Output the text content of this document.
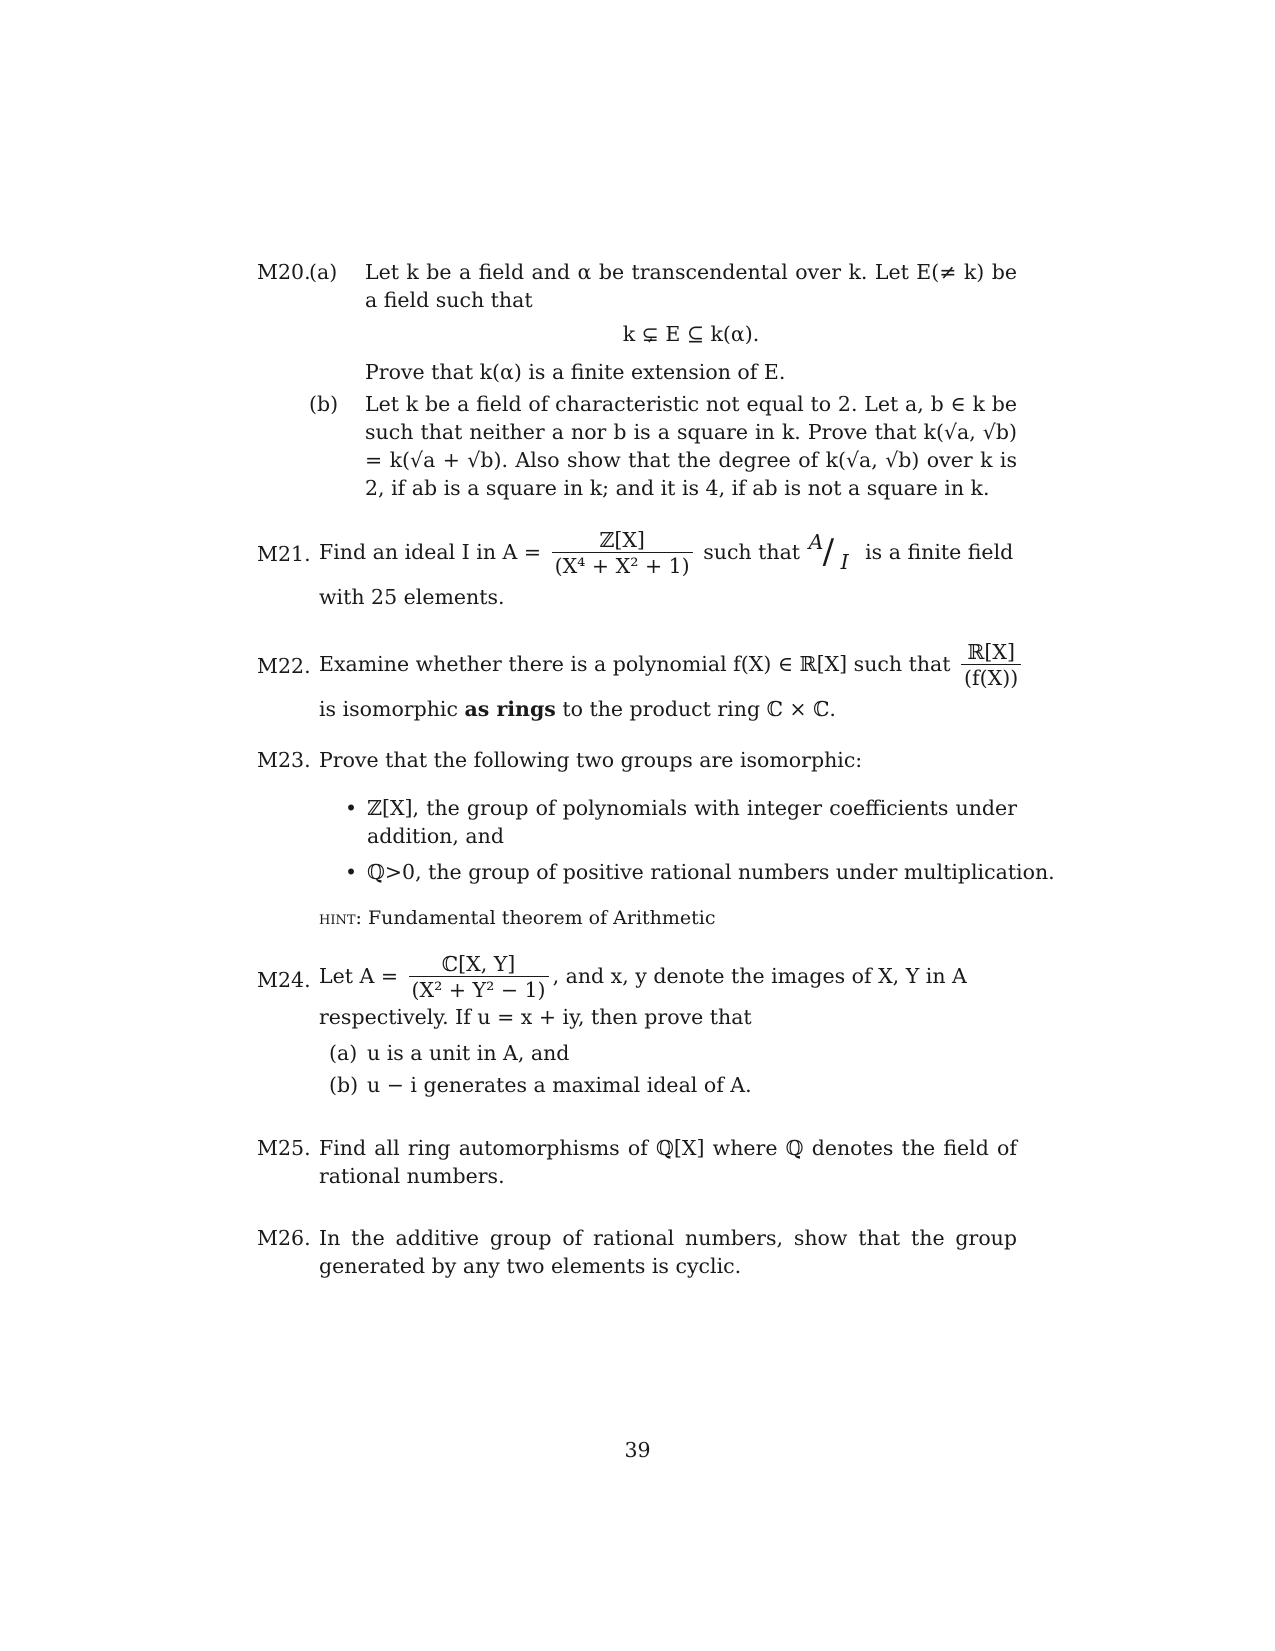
M20.
(a) Let k be a field and α be transcendental over k. Let E(≠ k) be a field such that
k ⊊ E ⊆ k(α).
Prove that k(α) is a finite extension of E.
(b) Let k be a field of characteristic not equal to 2. Let a, b ∈ k be such that neither a nor b is a square in k. Prove that k(√a, √b) = k(√a + √b). Also show that the degree of k(√a, √b) over k is 2, if ab is a square in k; and it is 4, if ab is not a square in k.
M21. Find an ideal I in $A = \frac{\text{ℤ[X]}}{\text{(X⁴ + X² + 1)}}$ such that A / I is a finite field
with 25 elements.
M22. Examine whether there is a polynomial f(X) ∈ ℝ[X] such that $\frac{\text{ℝ[X]}}{(f(X))}$
is isomorphic as rings to the product ring ℂ × ℂ.
M23. Prove that the following two groups are isomorphic:
• ℤ[X], the group of polynomials with integer coefficients under addition, and
• ℚ>0, the group of positive rational numbers under multiplication.
hint: Fundamental theorem of Arithmetic
M24. Let $A = \frac{\text{ℂ[X, Y]}}{\text{(X² + Y² − 1)}}$ , and x, y denote the images of X, Y in A
respectively. If u = x + iy, then prove that
(a) u is a unit in A, and
(b) u − i generates a maximal ideal of A.
M25. Find all ring automorphisms of ℚ[X] where ℚ denotes the field of rational numbers.
M26. In the additive group of rational numbers, show that the group generated by any two elements is cyclic.
39
